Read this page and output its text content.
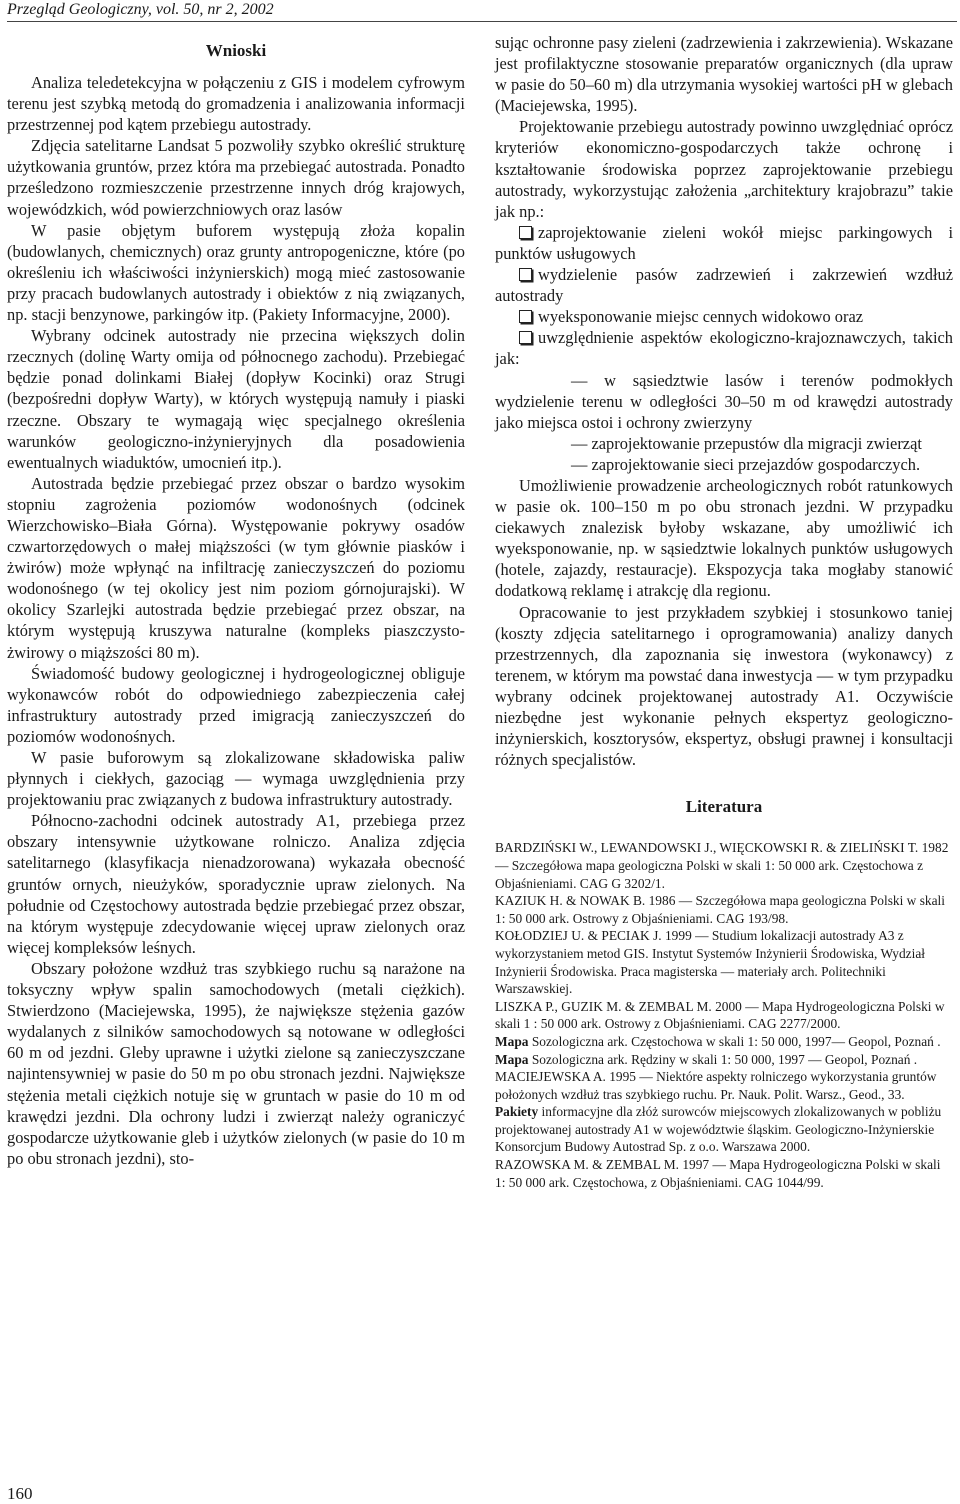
Przegląd Geologiczny, vol. 50, nr 2, 2002
Wnioski

Analiza teledetekcyjna w połączeniu z GIS i modelem cyfrowym terenu jest szybką metodą do gromadzenia i analizowania informacji przestrzennej pod kątem przebiegu autostrady.

Zdjęcia satelitarne Landsat 5 pozwoliły szybko określić strukturę użytkowania gruntów, przez która ma przebiegać autostrada. Ponadto prześledzono rozmieszczenie przestrzenne innych dróg krajowych, wojewódzkich, wód powierzchniowych oraz lasów

W pasie objętym buforem występują złoża kopalin (budowlanych, chemicznych) oraz grunty antropogeniczne, które (po określeniu ich właściwości inżynierskich) mogą mieć zastosowanie przy pracach budowlanych autostrady i obiektów z nią związanych, np. stacji benzynowe, parkingów itp. (Pakiety Informacyjne, 2000).

Wybrany odcinek autostrady nie przecina większych dolin rzecznych (dolinę Warty omija od północnego zachodu). Przebiegać będzie ponad dolinkami Białej (dopływ Kocinki) oraz Strugi (bezpośredni dopływ Warty), w których występują namuły i piaski rzeczne. Obszary te wymagają więc specjalnego określenia warunków geologiczno-inżynieryjnych dla posadowienia ewentualnych wiaduktów, umocnień itp.).

Autostrada będzie przebiegać przez obszar o bardzo wysokim stopniu zagrożenia poziomów wodonośnych (odcinek Wierzchowisko–Biała Górna). Występowanie pokrywy osadów czwartorzędowych o małej miąższości (w tym głównie piasków i żwirów) może wpłynąć na infiltrację zanieczyszczeń do poziomu wodonośnego (w tej okolicy jest nim poziom górnojurajski). W okolicy Szarlejki autostrada będzie przebiegać przez obszar, na którym występują kruszywa naturalne (kompleks piaszczysto-żwirowy o miąższości 80 m).

Świadomość budowy geologicznej i hydrogeologicznej obliguje wykonawców robót do odpowiedniego zabezpieczenia całej infrastruktury autostrady przed imigracją zanieczyszczeń do poziomów wodonośnych.

W pasie buforowym są zlokalizowane składowiska paliw płynnych i ciekłych, gazociąg — wymaga uwzględnienia przy projektowaniu prac związanych z budowa infrastruktury autostrady.

Północno-zachodni odcinek autostrady A1, przebiega przez obszary intensywnie użytkowane rolniczo. Analiza zdjęcia satelitarnego (klasyfikacja nienadzorowana) wykazała obecność gruntów ornych, nieużyków, sporadycznie upraw zielonych. Na południe od Częstochowy autostrada będzie przebiegać przez obszar, na którym występuje zdecydowanie więcej upraw zielonych oraz więcej kompleksów leśnych.

Obszary położone wzdłuż tras szybkiego ruchu są narażone na toksyczny wpływ spalin samochodowych (metali ciężkich). Stwierdzono (Maciejewska, 1995), że największe stężenia gazów wydalanych z silników samochodowych są notowane w odległości 60 m od jezdni. Gleby uprawne i użytki zielone są zanieczyszczane najintensywniej w pasie do 50 m po obu stronach jezdni. Największe stężenia metali ciężkich notuje się w gruntach w pasie do 10 m od krawędzi jezdni. Dla ochrony ludzi i zwierząt należy ograniczyć gospodarcze użytkowanie gleb i użytków zielonych (w pasie do 10 m po obu stronach jezdni), sto-

sując ochronne pasy zieleni (zadrzewienia i zakrzewienia). Wskazane jest profilaktyczne stosowanie preparatów organicznych (dla upraw w pasie do 50–60 m) dla utrzymania wysokiej wartości pH w glebach (Maciejewska, 1995).

Projektowanie przebiegu autostrady powinno uwzględniać oprócz kryteriów ekonomiczno-gospodarczych także ochronę i kształtowanie środowiska poprzez zaprojektowanie przebiegu autostrady, wykorzystując założenia „architektury krajobrazu” takie jak np.:

zaprojektowanie zieleni wokół miejsc parkingowych i punktów usługowych

wydzielenie pasów zadrzewień i zakrzewień wzdłuż autostrady

wyeksponowanie miejsc cennych widokowo oraz

uwzględnienie aspektów ekologiczno-krajoznawczych, takich jak:

— w sąsiedztwie lasów i terenów podmokłych wydzielenie terenu w odległości 30–50 m od krawędzi autostrady jako miejsca ostoi i ochrony zwierzyny

— zaprojektowanie przepustów dla migracji zwierząt

— zaprojektowanie sieci przejazdów gospodarczych.

Umożliwienie prowadzenie archeologicznych robót ratunkowych w pasie ok. 100–150 m po obu stronach jezdni. W przypadku ciekawych znalezisk byłoby wskazane, aby umożliwić ich wyeksponowanie, np. w sąsiedztwie lokalnych punktów usługowych (hotele, zajazdy, restauracje). Ekspozycja taka mogłaby stanowić dodatkową reklamę i atrakcję dla regionu.

Opracowanie to jest przykładem szybkiej i stosunkowo taniej (koszty zdjęcia satelitarnego i oprogramowania) analizy danych przestrzennych, dla zapoznania się inwestora (wykonawcy) z terenem, w którym ma powstać dana inwestycja — w tym przypadku wybrany odcinek projektowanej autostrady A1. Oczywiście niezbędne jest wykonanie pełnych ekspertyz geologiczno-inżynierskich, kosztorysów, ekspertyz, obsługi prawnej i konsultacji różnych specjalistów.

Literatura

BARDZIŃSKI W., LEWANDOWSKI J., WIĘCKOWSKI R. & ZIELIŃSKI T. 1982 — Szczegółowa mapa geologiczna Polski w skali 1: 50 000 ark. Częstochowa z Objaśnieniami. CAG G 3202/1.

KAZIUK H. & NOWAK B. 1986 — Szczegółowa mapa geologiczna Polski w skali 1: 50 000 ark. Ostrowy z Objaśnieniami. CAG 193/98.

KOŁODZIEJ U. & PECIAK J. 1999 — Studium lokalizacji autostrady A3 z wykorzystaniem metod GIS. Instytut Systemów Inżynierii Środowiska, Wydział Inżynierii Środowiska. Praca magisterska — materiały arch. Politechniki Warszawskiej.

LISZKA P., GUZIK M. & ZEMBAL M. 2000 — Mapa Hydrogeologiczna Polski w skali 1 : 50 000 ark. Ostrowy z Objaśnieniami. CAG 2277/2000.

Mapa Sozologiczna ark. Częstochowa w skali 1: 50 000, 1997— Geopol, Poznań .

Mapa Sozologiczna ark. Rędziny w skali 1: 50 000, 1997 — Geopol, Poznań .

MACIEJEWSKA A. 1995 — Niektóre aspekty rolniczego wykorzystania gruntów położonych wzdłuż tras szybkiego ruchu. Pr. Nauk. Polit. Warsz., Geod., 33.

Pakiety informacyjne dla złóż surowców miejscowych zlokalizowanych w pobliżu projektowanej autostrady A1 w województwie śląskim. Geologiczno-Inżynierskie Konsorcjum Budowy Autostrad Sp. z o.o. Warszawa 2000.

RAZOWSKA M. & ZEMBAL M. 1997 — Mapa Hydrogeologiczna Polski w skali 1: 50 000 ark. Częstochowa, z Objaśnieniami. CAG 1044/99.

160
